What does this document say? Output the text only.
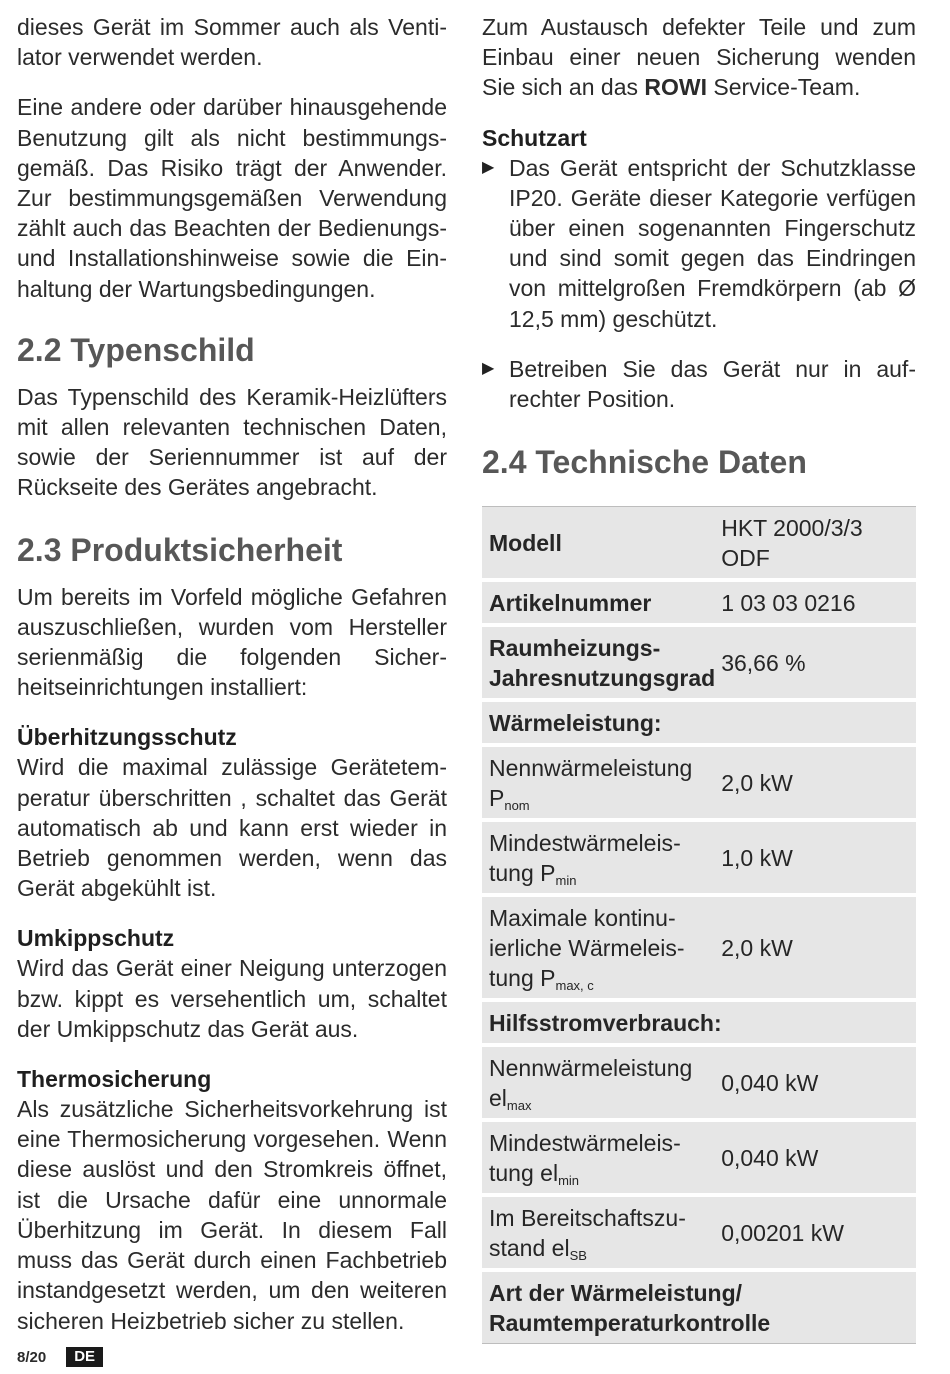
dieses Gerät im Sommer auch als Ventilator verwendet werden.

Eine andere oder darüber hinausgehende Benutzung gilt als nicht bestimmungsgemäß. Das Risiko trägt der Anwender. Zur bestimmungsgemäßen Verwendung zählt auch das Beachten der Bedienungs- und Installationshinweise sowie die Einhaltung der Wartungsbedingungen.

2.2 Typenschild

Das Typenschild des Keramik-Heizlüfters mit allen relevanten technischen Daten, sowie der Seriennummer ist auf der Rückseite des Gerätes angebracht.

2.3 Produktsicherheit

Um bereits im Vorfeld mögliche Gefahren auszuschließen, wurden vom Hersteller serienmäßig die folgenden Sicherheitseinrichtungen installiert:

Überhitzungsschutz

Wird die maximal zulässige Gerätetemperatur überschritten , schaltet das Gerät automatisch ab und kann erst wieder in Betrieb genommen werden, wenn das Gerät abgekühlt ist.

Umkippschutz

Wird das Gerät einer Neigung unterzogen bzw. kippt es versehentlich um, schaltet der Umkippschutz das Gerät aus.

Thermosicherung

Als zusätzliche Sicherheitsvorkehrung ist eine Thermosicherung vorgesehen. Wenn diese auslöst und den Stromkreis öffnet, ist die Ursache dafür eine unnormale Überhitzung im Gerät. In diesem Fall muss das Gerät durch einen Fachbetrieb instandgesetzt werden, um den weiteren sicheren Heizbetrieb sicher zu stellen.

Zum Austausch defekter Teile und zum Einbau einer neuen Sicherung wenden Sie sich an das ROWI Service-Team.

Schutzart
▶ Das Gerät entspricht der Schutzklasse IP20. Geräte dieser Kategorie verfügen über einen sogenannten Fingerschutz und sind somit gegen das Eindringen von mittelgroßen Fremdkörpern (ab Ø 12,5 mm) geschützt.

▶ Betreiben Sie das Gerät nur in aufrechter Position.

2.4 Technische Daten
Modell	HKT 2000/3/3 ODF
Artikelnummer	1 03 03 0216
Raumheizungs-Jahresnutzungsgrad	36,66 %
Wärmeleistung:	
Nennwärmeleistung $P_{nom}$	2,0 kW
Mindestwärmeleistung $P_{min}$	1,0 kW
Maximale kontinuierliche Wärmeleistung $P_{max, c}$	2,0 kW
Hilfsstromverbrauch:	
Nennwärmeleistung $el_{max}$	0,040 kW
Mindestwärmeleistung $el_{min}$	0,040 kW
Im Bereitschaftszustand $el_{SB}$	0,00201 kW
Art der Wärmeleistung/ Raumtemperaturkontrolle	
8/20	DE
